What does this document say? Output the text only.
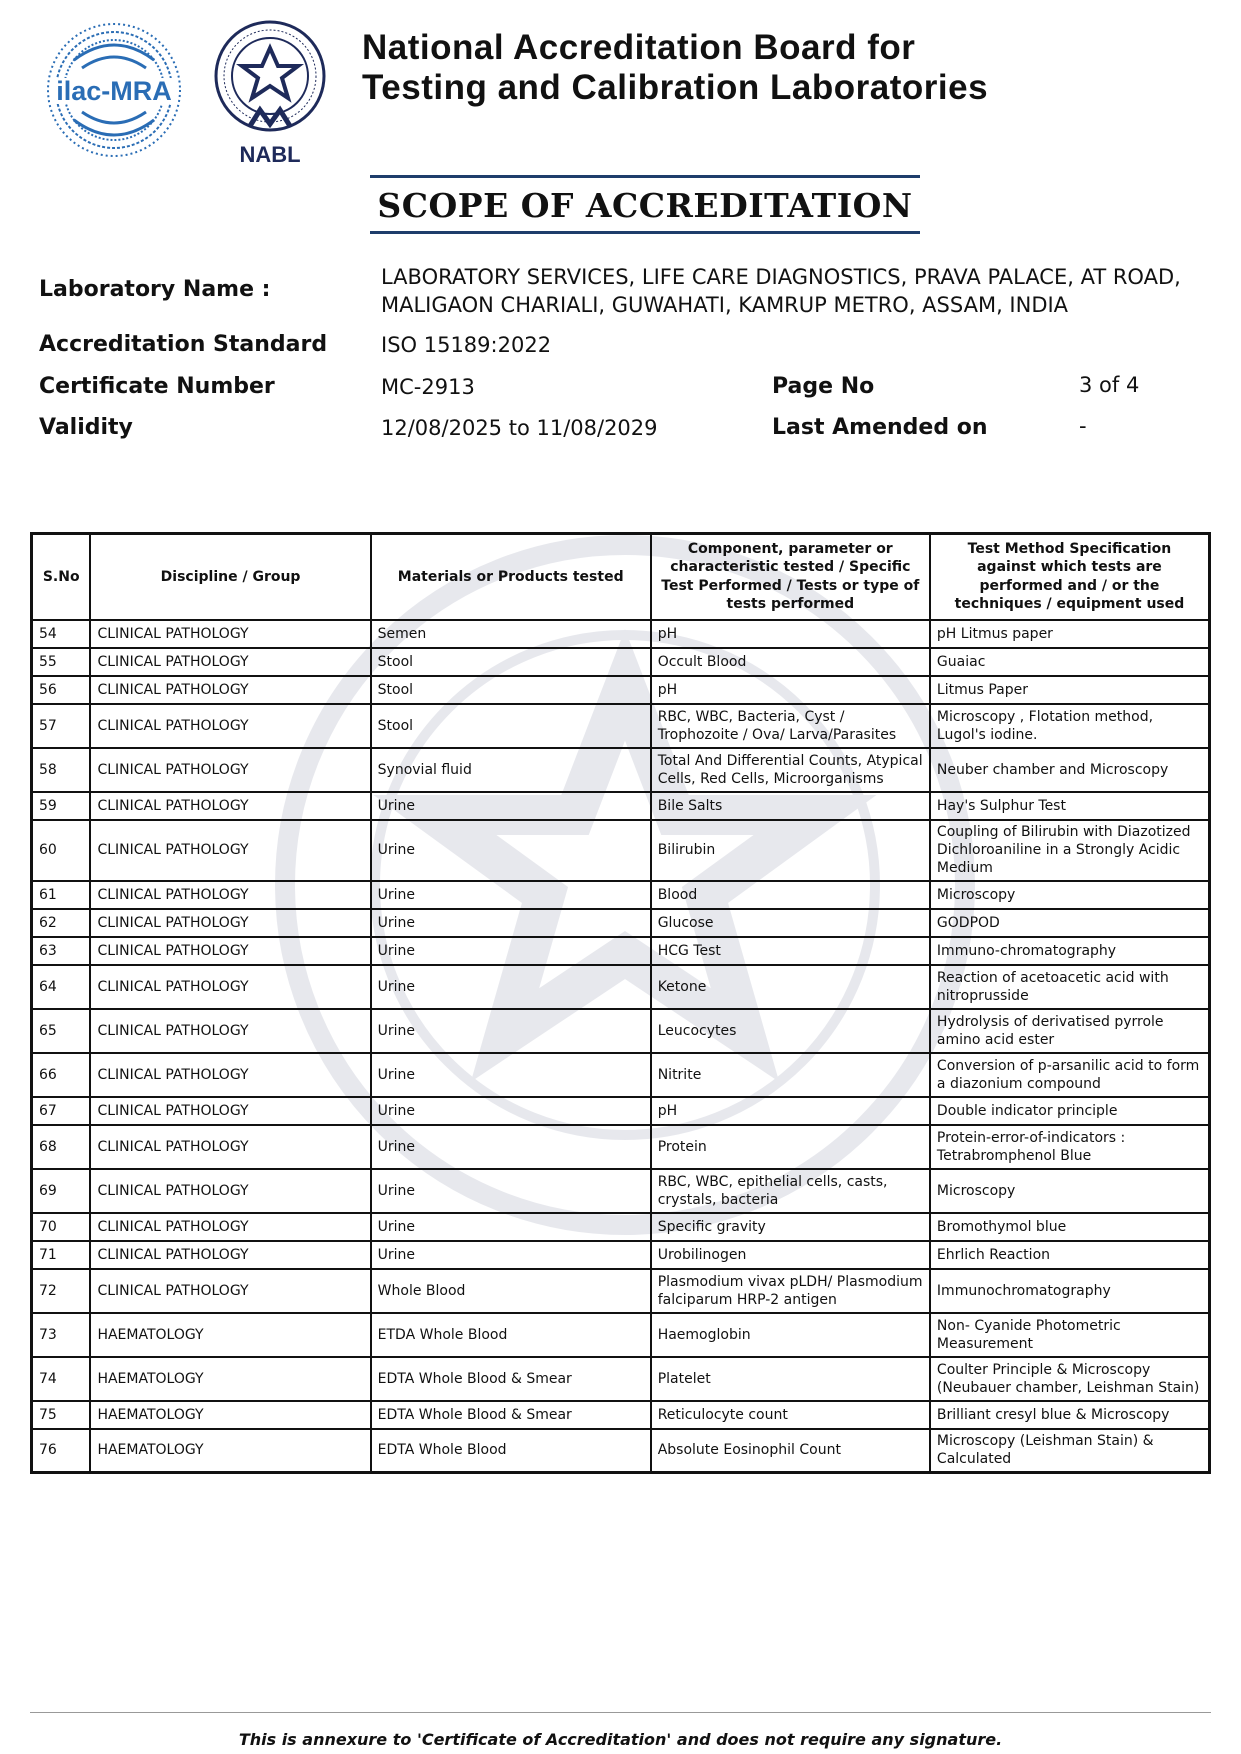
ilac-MRA
NABL
National Accreditation Board for
Testing and Calibration Laboratories
SCOPE OF ACCREDITATION
Laboratory Name :	LABORATORY SERVICES, LIFE CARE DIAGNOSTICS, PRAVA PALACE, AT ROAD,
MALIGAON CHARIALI, GUWAHATI, KAMRUP METRO, ASSAM, INDIA
Accreditation Standard	ISO 15189:2022
Certificate Number	MC-2913	Page No	3 of 4
Validity	12/08/2025 to 11/08/2029	Last Amended on	-
S.No	Discipline / Group	Materials or Products tested	Component, parameter or characteristic tested / Specific Test Performed / Tests or type of tests performed	Test Method Specification against which tests are performed and / or the techniques / equipment used
54	CLINICAL PATHOLOGY	Semen	pH	pH Litmus paper
55	CLINICAL PATHOLOGY	Stool	Occult Blood	Guaiac
56	CLINICAL PATHOLOGY	Stool	pH	Litmus Paper
57	CLINICAL PATHOLOGY	Stool	RBC, WBC, Bacteria, Cyst / Trophozoite / Ova/ Larva/Parasites	Microscopy , Flotation method, Lugol's iodine.
58	CLINICAL PATHOLOGY	Synovial fluid	Total And Differential Counts, Atypical Cells, Red Cells, Microorganisms	Neuber chamber and Microscopy
59	CLINICAL PATHOLOGY	Urine	Bile Salts	Hay's Sulphur Test
60	CLINICAL PATHOLOGY	Urine	Bilirubin	Coupling of Bilirubin with Diazotized Dichloroaniline in a Strongly Acidic Medium
61	CLINICAL PATHOLOGY	Urine	Blood	Microscopy
62	CLINICAL PATHOLOGY	Urine	Glucose	GODPOD
63	CLINICAL PATHOLOGY	Urine	HCG Test	Immuno-chromatography
64	CLINICAL PATHOLOGY	Urine	Ketone	Reaction of acetoacetic acid with nitroprusside
65	CLINICAL PATHOLOGY	Urine	Leucocytes	Hydrolysis of derivatised pyrrole amino acid ester
66	CLINICAL PATHOLOGY	Urine	Nitrite	Conversion of p-arsanilic acid to form a diazonium compound
67	CLINICAL PATHOLOGY	Urine	pH	Double indicator principle
68	CLINICAL PATHOLOGY	Urine	Protein	Protein-error-of-indicators : Tetrabromphenol Blue
69	CLINICAL PATHOLOGY	Urine	RBC, WBC, epithelial cells, casts, crystals, bacteria	Microscopy
70	CLINICAL PATHOLOGY	Urine	Specific gravity	Bromothymol blue
71	CLINICAL PATHOLOGY	Urine	Urobilinogen	Ehrlich Reaction
72	CLINICAL PATHOLOGY	Whole Blood	Plasmodium vivax pLDH/ Plasmodium falciparum HRP-2 antigen	Immunochromatography
73	HAEMATOLOGY	ETDA Whole Blood	Haemoglobin	Non- Cyanide Photometric Measurement
74	HAEMATOLOGY	EDTA Whole Blood & Smear	Platelet	Coulter Principle & Microscopy (Neubauer chamber, Leishman Stain)
75	HAEMATOLOGY	EDTA Whole Blood & Smear	Reticulocyte count	Brilliant cresyl blue & Microscopy
76	HAEMATOLOGY	EDTA Whole Blood	Absolute Eosinophil Count	Microscopy (Leishman Stain) & Calculated
This is annexure to 'Certificate of Accreditation' and does not require any signature.
